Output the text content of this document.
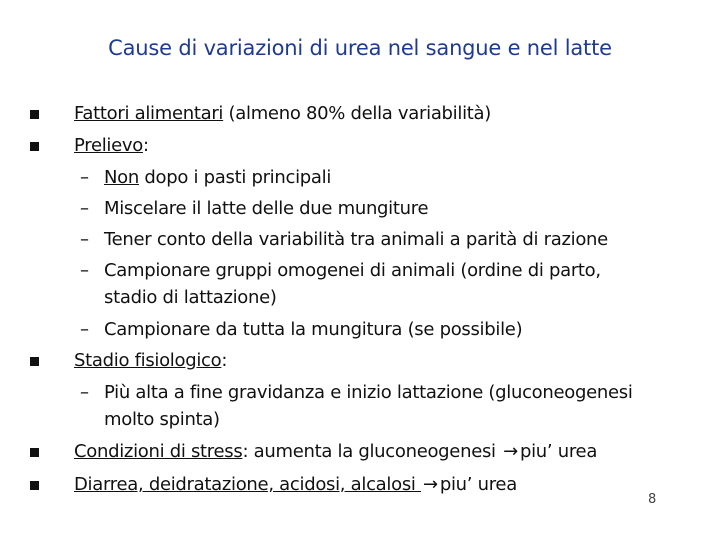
Cause di variazioni di urea nel sangue e nel latte
Fattori alimentari (almeno 80% della variabilità)
Prelievo:
– Non dopo i pasti principali
– Miscelare il latte delle due mungiture
– Tener conto della variabilità tra animali a parità di razione
– Campionare gruppi omogenei di animali (ordine di parto,
stadio di lattazione)
– Campionare da tutta la mungitura (se possibile)
Stadio fisiologico:
– Più alta a fine gravidanza e inizio lattazione (gluconeogenesi
molto spinta)
Condizioni di stress: aumenta la gluconeogenesi → piu’ urea
Diarrea, deidratazione, acidosi, alcalosi → piu’ urea
8
